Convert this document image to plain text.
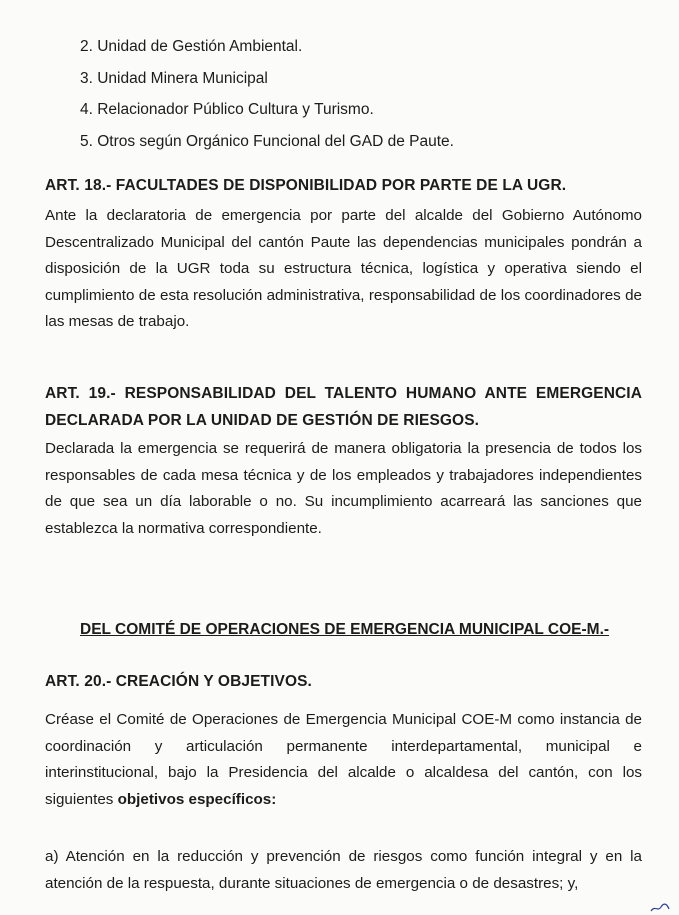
2. Unidad de Gestión Ambiental.
3. Unidad Minera Municipal
4. Relacionador Público Cultura y Turismo.
5. Otros según Orgánico Funcional del GAD de Paute.
ART. 18.- FACULTADES DE DISPONIBILIDAD POR PARTE DE LA UGR.
Ante la declaratoria de emergencia por parte del alcalde del Gobierno Autónomo Descentralizado Municipal del cantón Paute las dependencias municipales pondrán a disposición de la UGR toda su estructura técnica, logística y operativa siendo el cumplimiento de esta resolución administrativa, responsabilidad de los coordinadores de las mesas de trabajo.
ART. 19.- RESPONSABILIDAD DEL TALENTO HUMANO ANTE EMERGENCIA
DECLARADA POR LA UNIDAD DE GESTIÓN DE RIESGOS.
Declarada la emergencia se requerirá de manera obligatoria la presencia de todos los responsables de cada mesa técnica y de los empleados y trabajadores independientes de que sea un día laborable o no. Su incumplimiento acarreará las sanciones que establezca la normativa correspondiente.
DEL COMITÉ DE OPERACIONES DE EMERGENCIA MUNICIPAL COE-M.-
ART. 20.- CREACIÓN Y OBJETIVOS.
Créase el Comité de Operaciones de Emergencia Municipal COE-M como instancia de coordinación y articulación permanente interdepartamental, municipal e interinstitucional, bajo la Presidencia del alcalde o alcaldesa del cantón, con los siguientes objetivos específicos:
a) Atención en la reducción y prevención de riesgos como función integral y en la atención de la respuesta, durante situaciones de emergencia o de desastres; y,
